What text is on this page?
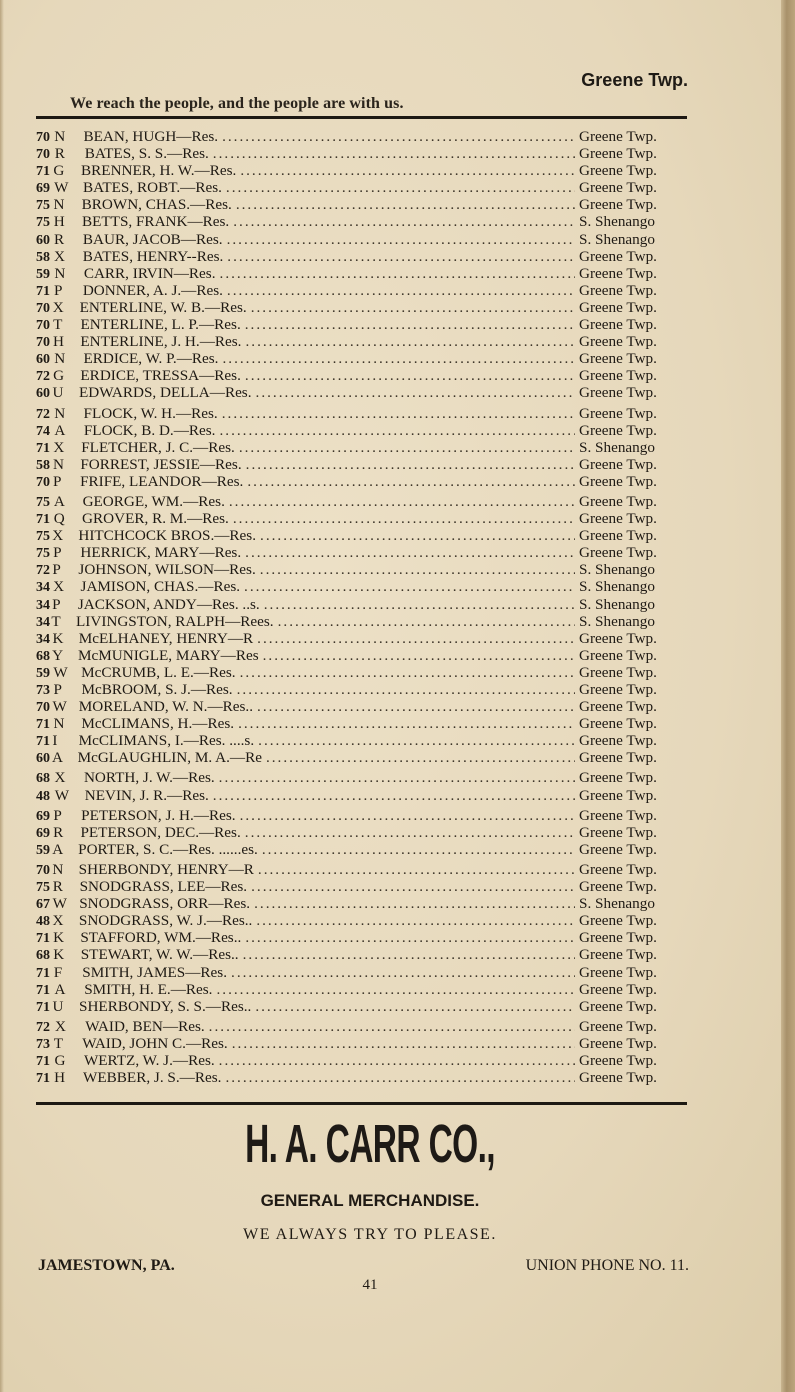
Greene Twp.
We reach the people, and the people are with us.
70 N	BEAN, HUGH—Res. .....	Greene Twp.
70 R	BATES, S. S.—Res. .....	Greene Twp.
71 G	BRENNER, H. W.—Res. .....	Greene Twp.
69 W BATES, ROBT.—Res. .....	Greene Twp.
75 N	BROWN, CHAS.—Res. .....	Greene Twp.
75 H	BETTS, FRANK—Res. .....	S. Shenango
60 R	BAUR, JACOB—Res. .....	S. Shenango
58 X	BATES, HENRY--Res. .....	Greene Twp.
59 N	CARR, IRVIN—Res. .....	Greene Twp.
71 P	DONNER, A. J.—Res. .....	Greene Twp.
70 X	ENTERLINE, W. B.—Res. .....	Greene Twp.
70 T	ENTERLINE, L. P.—Res. .....	Greene Twp.
70 H	ENTERLINE, J. H.—Res. .....	Greene Twp.
60 N	ERDICE, W. P.—Res. .....	Greene Twp.
72 G	ERDICE, TRESSA—Res. .....	Greene Twp.
60 U	EDWARDS, DELLA—Res. .....	Greene Twp.
72 N	FLOCK, W. H.—Res. .....	Greene Twp.
74 A	FLOCK, B. D.—Res. .....	Greene Twp.
71 X	FLETCHER, J. C.—Res. .....	S. Shenango
58 N	FORREST, JESSIE—Res. .....	Greene Twp.
70 P	FRIFE, LEANDOR—Res. .....	Greene Twp.
75 A	GEORGE, WM.—Res. .....	Greene Twp.
71 Q	GROVER, R. M.—Res. .....	Greene Twp.
75 X HITCHCOCK BROS.—Res. .....	Greene Twp.
75 P	HERRICK, MARY—Res. .....	Greene Twp.
72 P	JOHNSON, WILSON—Res. .....	S. Shenango
34 X	JAMISON, CHAS.—Res. .....	S. Shenango
34 P	JACKSON, ANDY—Res. ..s. .....	S. Shenango
34 T	LIVINGSTON, RALPH—Rees. .....	S. Shenango
34 K	McELHANEY, HENRY—R .....	Greene Twp.
68 Y McMUNIGLE, MARY—Res .....	Greene Twp.
59 W McCRUMB, L. E.—Res. .....	Greene Twp.
73 P	McBROOM, S. J.—Res. .....	Greene Twp.
70 W MORELAND, W. N.—Res.. .....	Greene Twp.
71 N	McCLIMANS, H.—Res. .....	Greene Twp.
71 I	McCLIMANS, I.—Res. ....s. .....	Greene Twp.
60 A McGLAUGHLIN, M. A.—Re .....	Greene Twp.
68 X	NORTH, J. W.—Res. .....	Greene Twp.
48 W	NEVIN, J. R.—Res. .....	Greene Twp.
69 P	PETERSON, J. H.—Res. .....	Greene Twp.
69 R	PETERSON, DEC.—Res. .....	Greene Twp.
59 A PORTER, S. C.—Res. ......es. .....	Greene Twp.
70 N	SHERBONDY, HENRY—R .....	Greene Twp.
75 R	SNODGRASS, LEE—Res. .....	Greene Twp.
67 W SNODGRASS, ORR—Res. .....	S. Shenango
48 X	SNODGRASS, W. J.—Res.. .....	Greene Twp.
71 K	STAFFORD, WM.—Res.. .....	Greene Twp.
68 K	STEWART, W. W.—Res.. .....	Greene Twp.
71 F	SMITH, JAMES—Res. .....	Greene Twp.
71 A	SMITH, H. E.—Res. .....	Greene Twp.
71 U	SHERBONDY, S. S.—Res.. .....	Greene Twp.
72 X	WAID, BEN—Res. .....	Greene Twp.
73 T	WAID, JOHN C.—Res. .....	Greene Twp.
71 G	WERTZ, W. J.—Res. .....	Greene Twp.
71 H	WEBBER, J. S.—Res. .....	Greene Twp.
H. A. CARR CO.,
GENERAL MERCHANDISE.
WE ALWAYS TRY TO PLEASE.
JAMESTOWN, PA.	UNION PHONE NO. 11.
41
